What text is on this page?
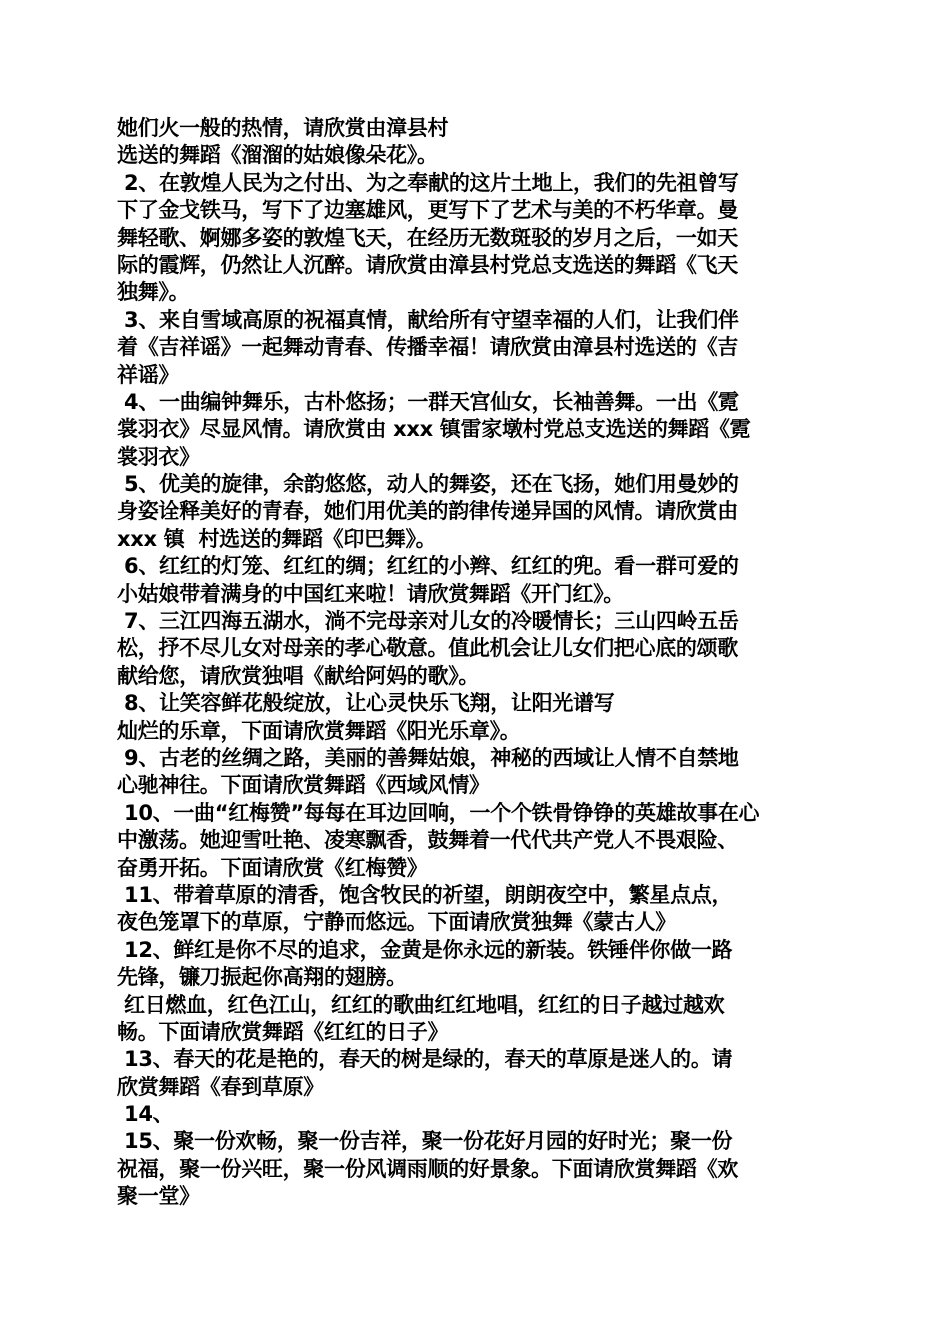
她们火一般的热情，请欣赏由漳县村
选送的舞蹈《溜溜的姑娘像朵花》。
2、在敦煌人民为之付出、为之奉献的这片土地上，我们的先祖曾写
下了金戈铁马，写下了边塞雄风，更写下了艺术与美的不朽华章。曼
舞轻歌、婀娜多姿的敦煌飞天，在经历无数斑驳的岁月之后，一如天
际的霞辉，仍然让人沉醉。请欣赏由漳县村党总支选送的舞蹈《飞天
独舞》。
3、来自雪域高原的祝福真情，献给所有守望幸福的人们，让我们伴
着《吉祥谣》一起舞动青春、传播幸福！请欣赏由漳县村选送的《吉
祥谣》
4、一曲编钟舞乐，古朴悠扬；一群天宫仙女，长袖善舞。一出《霓
裳羽衣》尽显风情。请欣赏由 xxx 镇雷家墩村党总支选送的舞蹈《霓
裳羽衣》
5、优美的旋律，余韵悠悠，动人的舞姿，还在飞扬，她们用曼妙的
身姿诠释美好的青春，她们用优美的韵律传递异国的风情。请欣赏由
xxx 镇  村选送的舞蹈《印巴舞》。
6、红红的灯笼、红红的绸；红红的小辫、红红的兜。看一群可爱的
小姑娘带着满身的中国红来啦！请欣赏舞蹈《开门红》。
7、三江四海五湖水，淌不完母亲对儿女的冷暖情长；三山四岭五岳
松，抒不尽儿女对母亲的孝心敬意。值此机会让儿女们把心底的颂歌
献给您，请欣赏独唱《献给阿妈的歌》。
8、让笑容鲜花般绽放，让心灵快乐飞翔，让阳光谱写
灿烂的乐章，下面请欣赏舞蹈《阳光乐章》。
9、古老的丝绸之路，美丽的善舞姑娘，神秘的西域让人情不自禁地
心驰神往。下面请欣赏舞蹈《西域风情》
10、一曲“红梅赞”每每在耳边回响，一个个铁骨铮铮的英雄故事在心
中激荡。她迎雪吐艳、凌寒飘香，鼓舞着一代代共产党人不畏艰险、
奋勇开拓。下面请欣赏《红梅赞》
11、带着草原的清香，饱含牧民的祈望，朗朗夜空中，繁星点点，
夜色笼罩下的草原，宁静而悠远。下面请欣赏独舞《蒙古人》
12、鲜红是你不尽的追求，金黄是你永远的新装。铁锤伴你做一路
先锋，镰刀振起你高翔的翅膀。
红日燃血，红色江山，红红的歌曲红红地唱，红红的日子越过越欢
畅。下面请欣赏舞蹈《红红的日子》
13、春天的花是艳的，春天的树是绿的，春天的草原是迷人的。请
欣赏舞蹈《春到草原》
14、
15、聚一份欢畅，聚一份吉祥，聚一份花好月园的好时光；聚一份
祝福，聚一份兴旺，聚一份风调雨顺的好景象。下面请欣赏舞蹈《欢
聚一堂》
